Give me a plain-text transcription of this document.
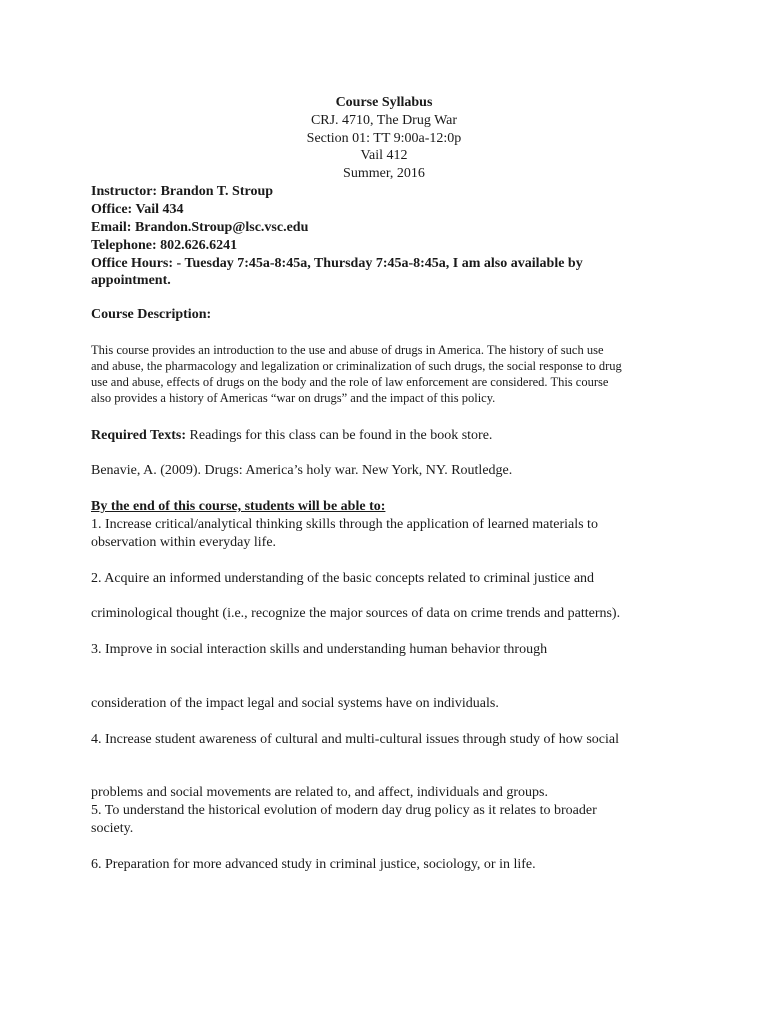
Course Syllabus
CRJ. 4710, The Drug War
Section 01: TT 9:00a-12:0p
Vail 412
Summer, 2016
Instructor: Brandon T. Stroup
Office: Vail 434
Email: Brandon.Stroup@lsc.vsc.edu
Telephone: 802.626.6241
Office Hours: - Tuesday 7:45a-8:45a, Thursday 7:45a-8:45a, I am also available by
appointment.
Course Description:
This course provides an introduction to the use and abuse of drugs in America. The history of such use
and abuse, the pharmacology and legalization or criminalization of such drugs, the social response to drug
use and abuse, effects of drugs on the body and the role of law enforcement are considered. This course
also provides a history of Americas “war on drugs” and the impact of this policy.
Required Texts: Readings for this class can be found in the book store.
Benavie, A. (2009). Drugs: America’s holy war. New York, NY. Routledge.
By the end of this course, students will be able to:
1. Increase critical/analytical thinking skills through the application of learned materials to
observation within everyday life.
2. Acquire an informed understanding of the basic concepts related to criminal justice and
criminological thought (i.e., recognize the major sources of data on crime trends and patterns).
3. Improve in social interaction skills and understanding human behavior through
consideration of the impact legal and social systems have on individuals.
4. Increase student awareness of cultural and multi-cultural issues through study of how social
problems and social movements are related to, and affect, individuals and groups.
5. To understand the historical evolution of modern day drug policy as it relates to broader
society.
6. Preparation for more advanced study in criminal justice, sociology, or in life.
